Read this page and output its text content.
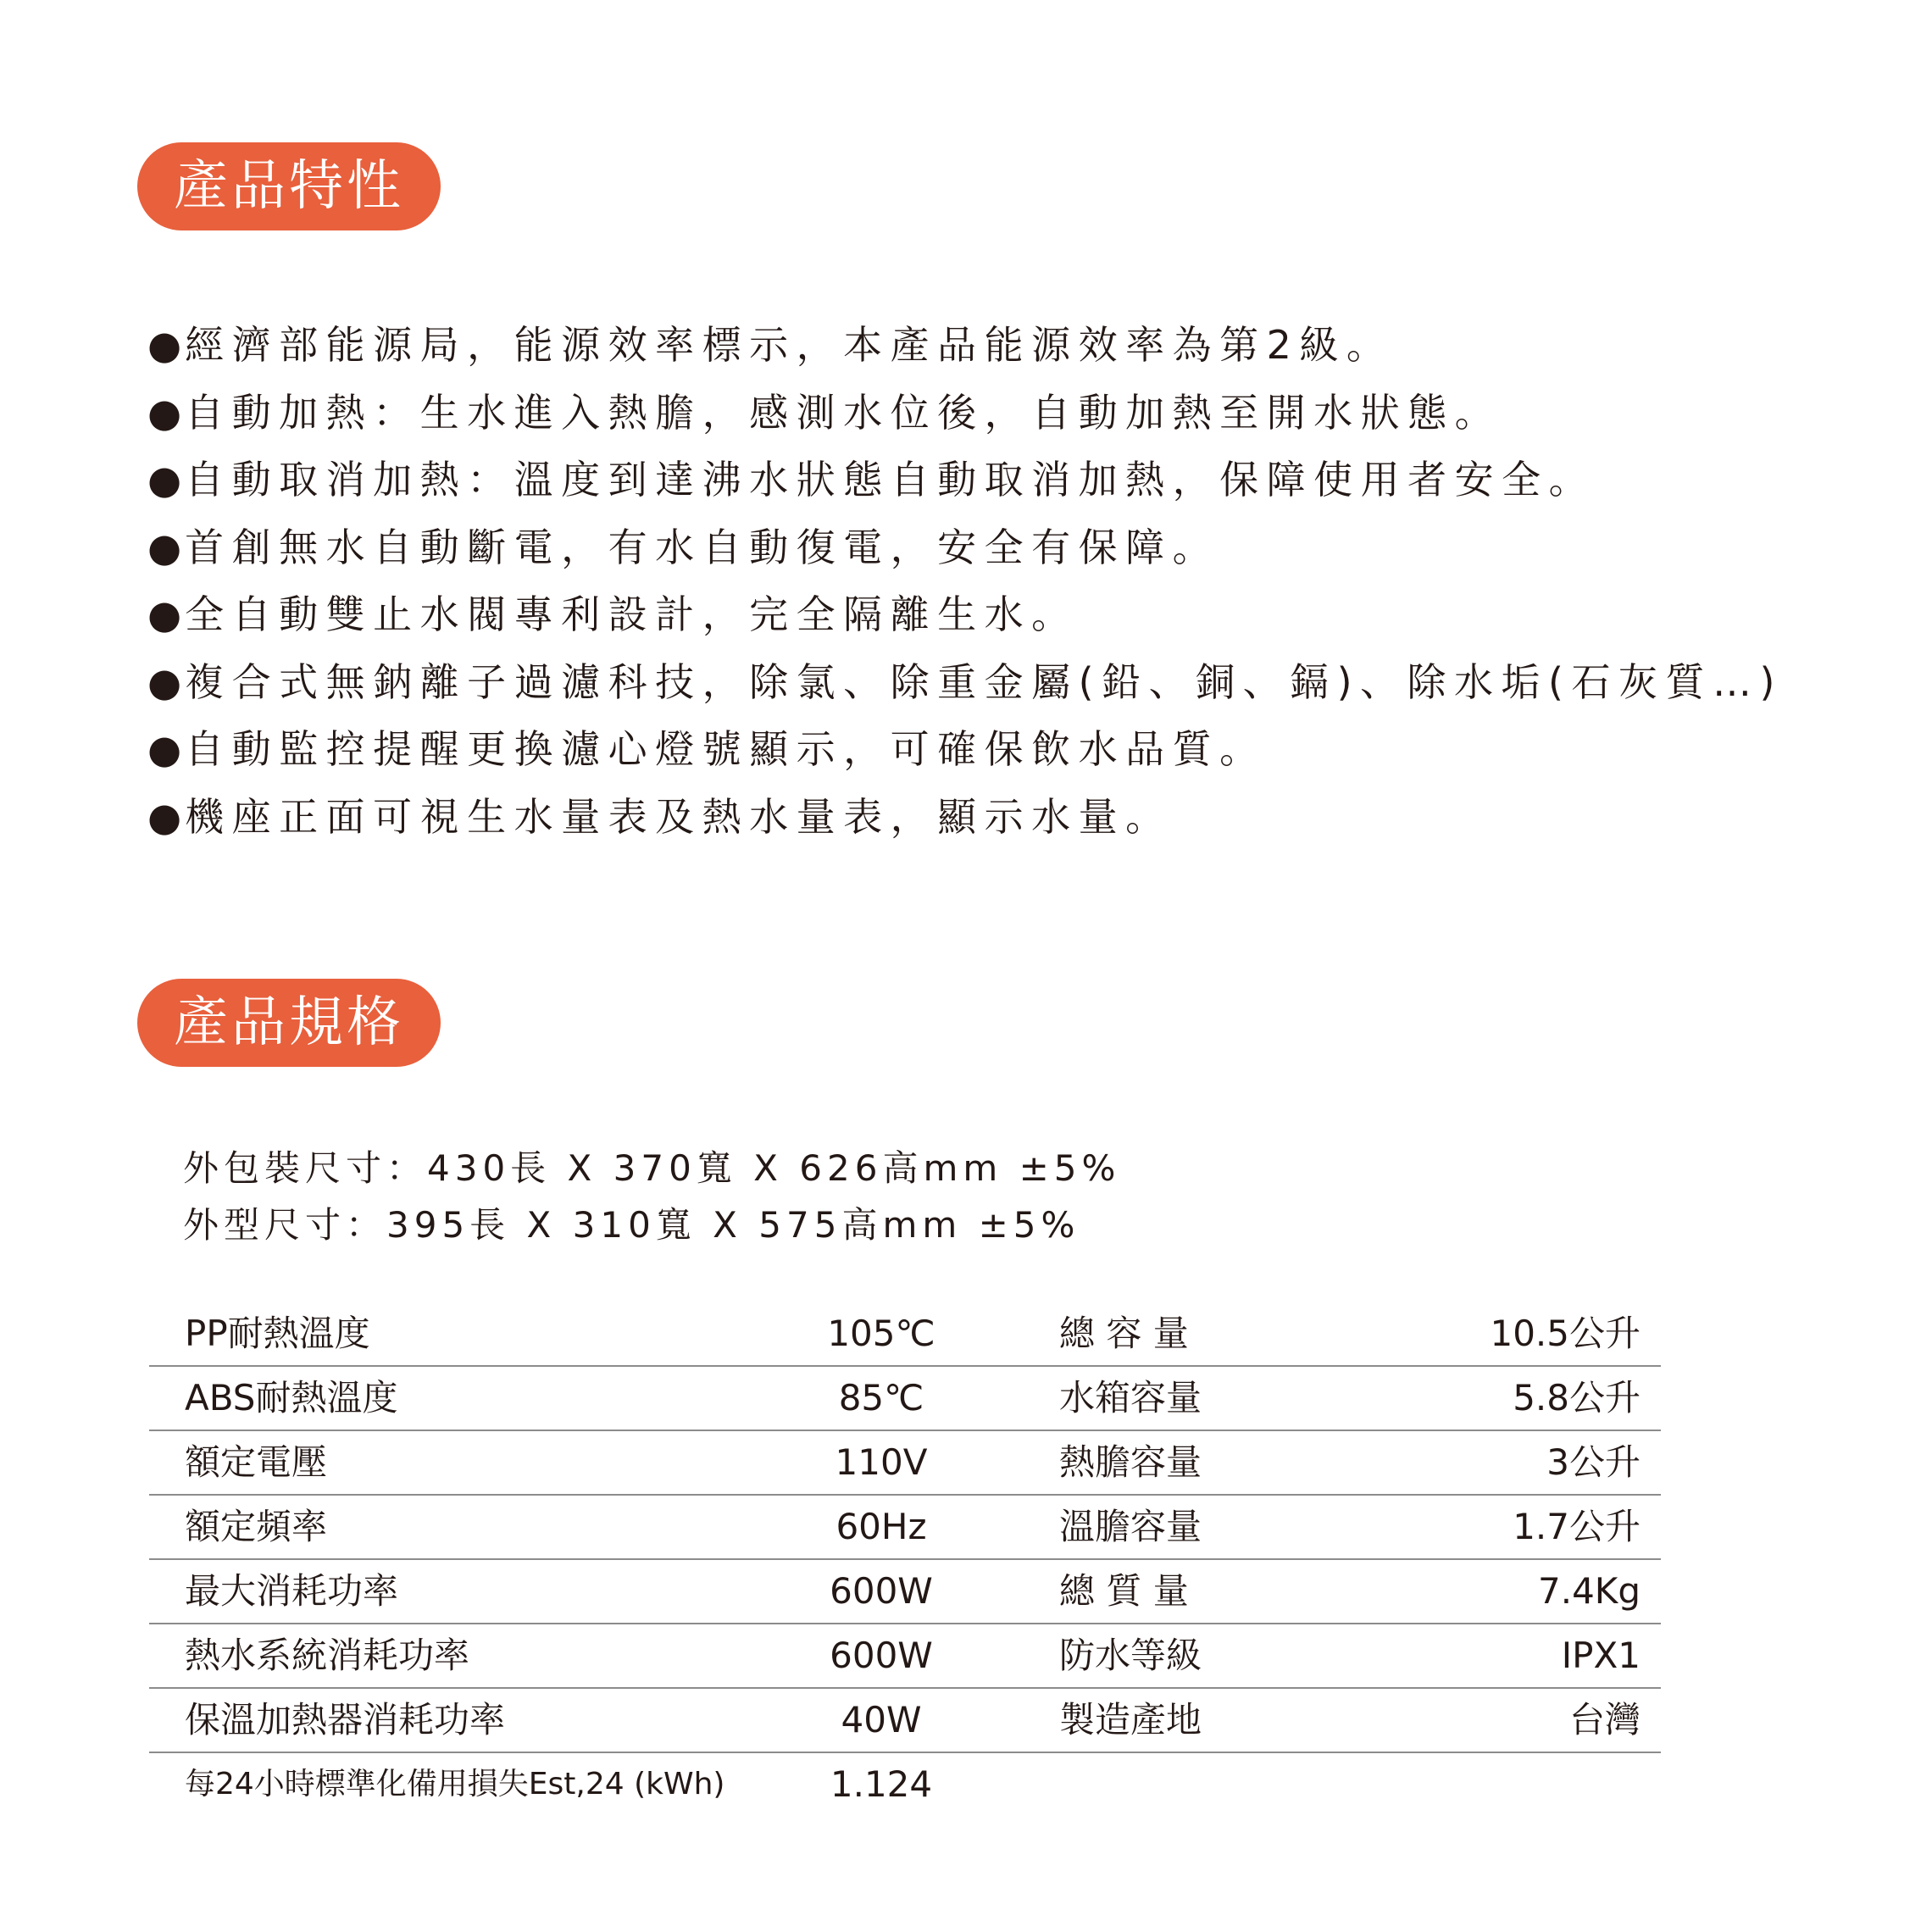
產品特性
●經濟部能源局，能源效率標示，本產品能源效率為第2級。
●自動加熱：生水進入熱膽，感測水位後，自動加熱至開水狀態。
●自動取消加熱：溫度到達沸水狀態自動取消加熱，保障使用者安全。
●首創無水自動斷電，有水自動復電，安全有保障。
●全自動雙止水閥專利設計，完全隔離生水。
●複合式無鈉離子過濾科技，除氯、除重金屬(鉛、銅、鎘)、除水垢(石灰質…)
●自動監控提醒更換濾心燈號顯示，可確保飲水品質。
●機座正面可視生水量表及熱水量表，顯示水量。
產品規格
外包裝尺寸：430長 X 370寬 X 626高mm ±5%
外型尺寸：395長 X 310寬 X 575高mm ±5%
PP耐熱溫度	105℃	總 容 量	10.5公升
ABS耐熱溫度	85℃	水箱容量	5.8公升
額定電壓	110V	熱膽容量	3公升
額定頻率	60Hz	溫膽容量	1.7公升
最大消耗功率	600W	總 質 量	7.4Kg
熱水系統消耗功率	600W	防水等級	IPX1
保溫加熱器消耗功率	40W	製造產地	台灣
每24小時標準化備用損失Est,24 (kWh)	1.124
